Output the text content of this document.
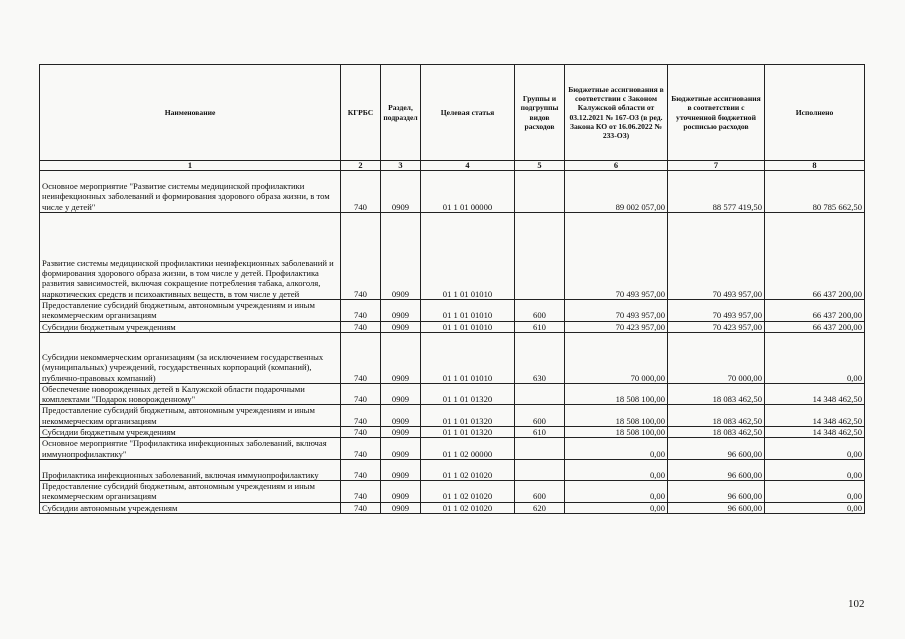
Наименование	КГРБС	Раздел, подраздел	Целевая статья	Группы и подгруппы видов расходов	Бюджетные ассигнования в соответствии с Законом Калужской области от 03.12.2021 № 167-ОЗ (в ред. Закона КО от 16.06.2022 № 233-ОЗ)	Бюджетные ассигнования в соответствии с уточненной бюджетной росписью расходов	Исполнено
1	2	3	4	5	6	7	8
Основное мероприятие "Развитие системы медицинской профилактики неинфекционных заболеваний и формирования здорового образа жизни, в том числе у детей"	740	0909	01 1 01 00000		89 002 057,00	88 577 419,50	80 785 662,50
Развитие системы медицинской профилактики неинфекционных заболеваний и формирования здорового образа жизни, в том числе у детей. Профилактика развития зависимостей, включая сокращение потребления табака, алкоголя, наркотических средств и психоактивных веществ, в том числе у детей	740	0909	01 1 01 01010		70 493 957,00	70 493 957,00	66 437 200,00
Предоставление субсидий бюджетным, автономным учреждениям и иным некоммерческим организациям	740	0909	01 1 01 01010	600	70 493 957,00	70 493 957,00	66 437 200,00
Субсидии бюджетным учреждениям	740	0909	01 1 01 01010	610	70 423 957,00	70 423 957,00	66 437 200,00
Субсидии некоммерческим организациям (за исключением государственных (муниципальных) учреждений, государственных корпораций (компаний), публично-правовых компаний)	740	0909	01 1 01 01010	630	70 000,00	70 000,00	0,00
Обеспечение новорожденных детей в Калужской области подарочными комплектами "Подарок новорожденному"	740	0909	01 1 01 01320		18 508 100,00	18 083 462,50	14 348 462,50
Предоставление субсидий бюджетным, автономным учреждениям и иным некоммерческим организациям	740	0909	01 1 01 01320	600	18 508 100,00	18 083 462,50	14 348 462,50
Субсидии бюджетным учреждениям	740	0909	01 1 01 01320	610	18 508 100,00	18 083 462,50	14 348 462,50
Основное мероприятие "Профилактика инфекционных заболеваний, включая иммунопрофилактику"	740	0909	01 1 02 00000		0,00	96 600,00	0,00
Профилактика инфекционных заболеваний, включая иммунопрофилактику	740	0909	01 1 02 01020		0,00	96 600,00	0,00
Предоставление субсидий бюджетным, автономным учреждениям и иным некоммерческим организациям	740	0909	01 1 02 01020	600	0,00	96 600,00	0,00
Субсидии автономным учреждениям	740	0909	01 1 02 01020	620	0,00	96 600,00	0,00
102
